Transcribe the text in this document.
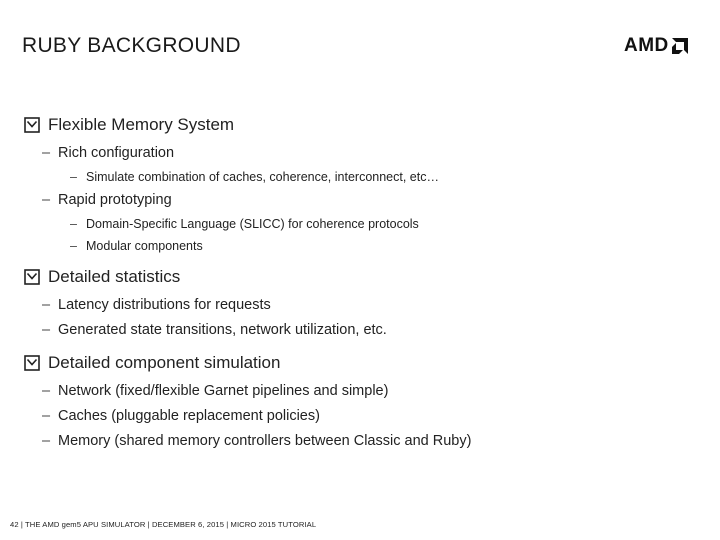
RUBY BACKGROUND	AMD
Flexible Memory System
– Rich configuration
– Simulate combination of caches, coherence, interconnect, etc…
– Rapid prototyping
– Domain-Specific Language (SLICC) for coherence protocols
– Modular components
Detailed statistics
– Latency distributions for requests
– Generated state transitions, network utilization, etc.
Detailed component simulation
– Network (fixed/flexible Garnet pipelines and simple)
– Caches (pluggable replacement policies)
– Memory (shared memory controllers between Classic and Ruby)
42 | THE AMD gem5 APU SIMULATOR | DECEMBER 6, 2015 | MICRO 2015 TUTORIAL
